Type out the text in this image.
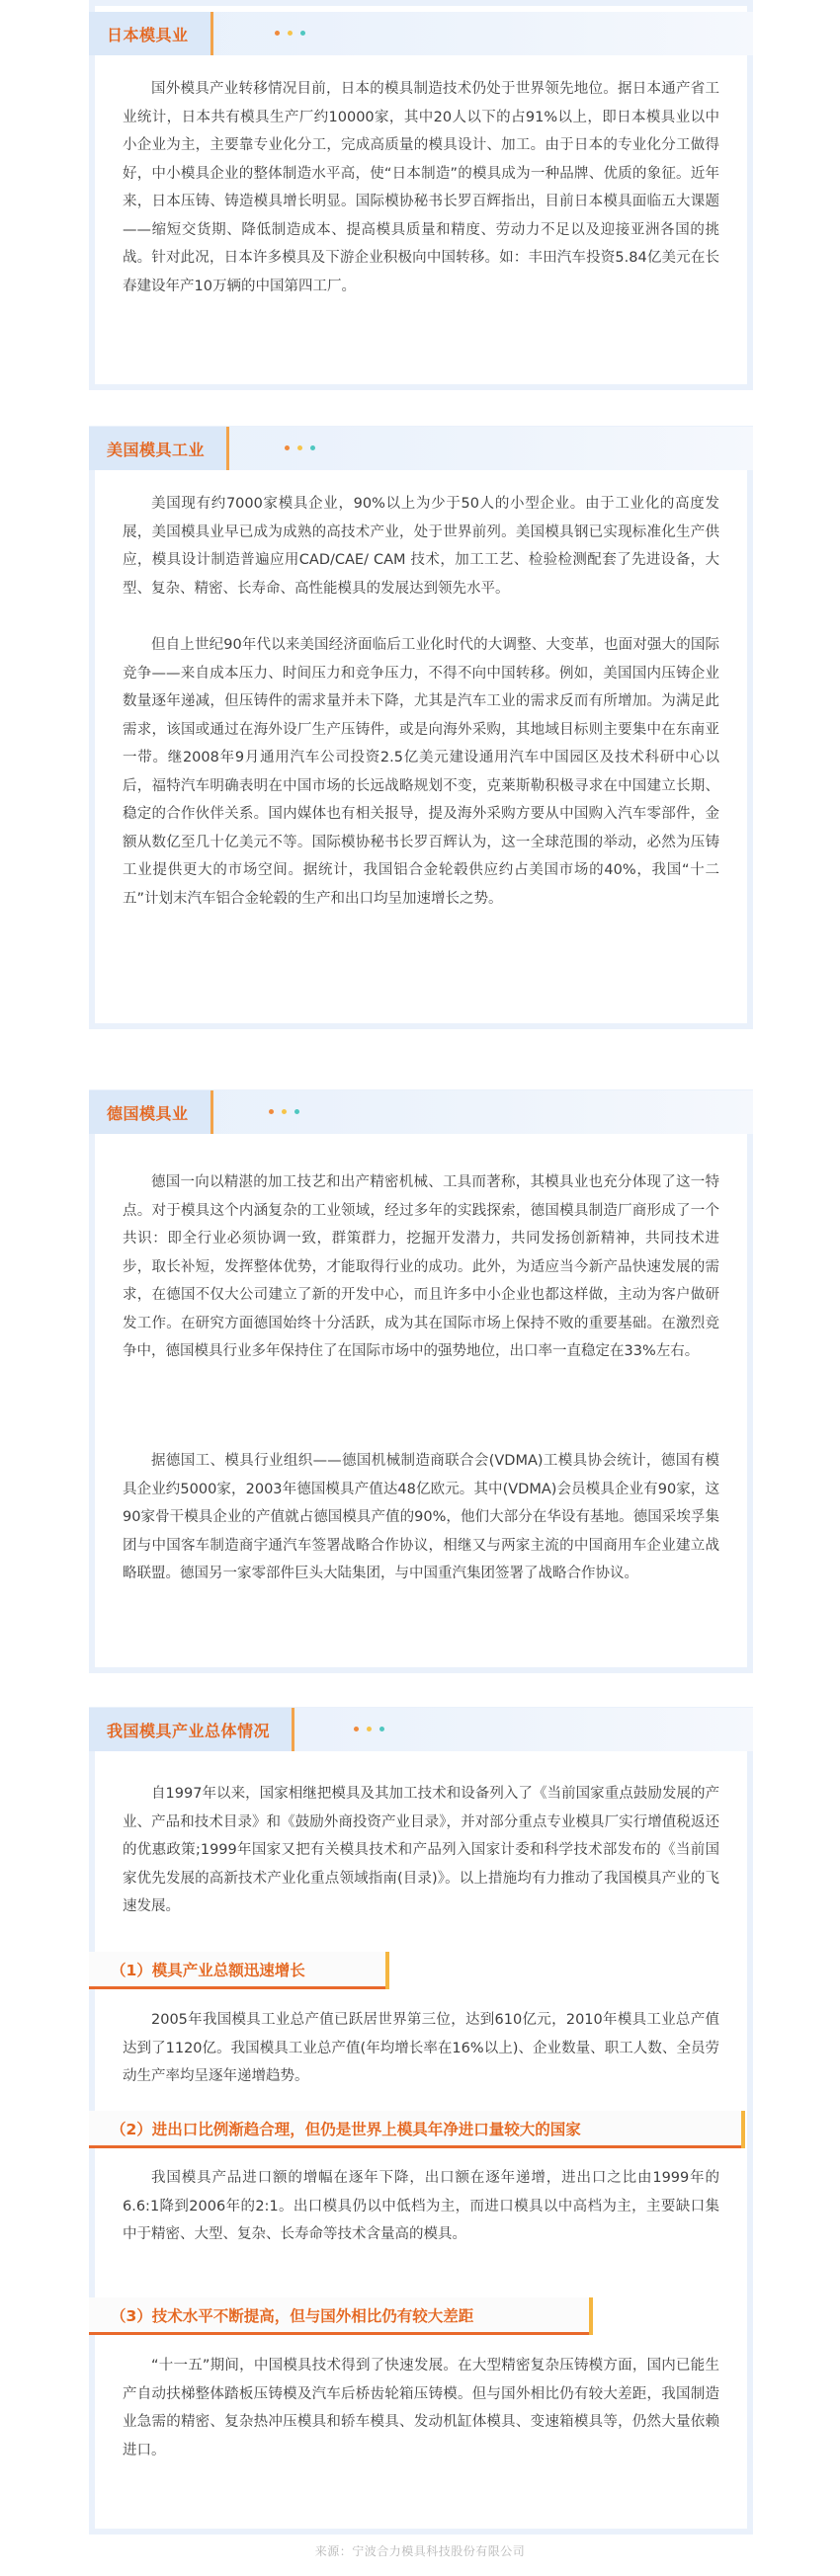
日本模具业

国外模具产业转移情况目前，日本的模具制造技术仍处于世界领先地位。据日本通产省工业统计，日本共有模具生产厂约10000家，其中20人以下的占91%以上，即日本模具业以中小企业为主，主要靠专业化分工，完成高质量的模具设计、加工。由于日本的专业化分工做得好，中小模具企业的整体制造水平高，使“日本制造”的模具成为一种品牌、优质的象征。近年来，日本压铸、铸造模具增长明显。国际模协秘书长罗百辉指出，目前日本模具面临五大课题——缩短交货期、降低制造成本、提高模具质量和精度、劳动力不足以及迎接亚洲各国的挑战。针对此况，日本许多模具及下游企业积极向中国转移。如：丰田汽车投资5.84亿美元在长春建设年产10万辆的中国第四工厂。

美国模具工业

美国现有约7000家模具企业，90%以上为少于50人的小型企业。由于工业化的高度发展，美国模具业早已成为成熟的高技术产业，处于世界前列。美国模具钢已实现标准化生产供应，模具设计制造普遍应用CAD/CAE/ CAM 技术，加工工艺、检验检测配套了先进设备，大型、复杂、精密、长寿命、高性能模具的发展达到领先水平。

但自上世纪90年代以来美国经济面临后工业化时代的大调整、大变革，也面对强大的国际竞争——来自成本压力、时间压力和竞争压力，不得不向中国转移。例如，美国国内压铸企业数量逐年递减，但压铸件的需求量并未下降，尤其是汽车工业的需求反而有所增加。为满足此需求，该国或通过在海外设厂生产压铸件，或是向海外采购，其地域目标则主要集中在东南亚一带。继2008年9月通用汽车公司投资2.5亿美元建设通用汽车中国园区及技术科研中心以后，福特汽车明确表明在中国市场的长远战略规划不变，克莱斯勒积极寻求在中国建立长期、稳定的合作伙伴关系。国内媒体也有相关报导，提及海外采购方要从中国购入汽车零部件，金额从数亿至几十亿美元不等。国际模协秘书长罗百辉认为，这一全球范围的举动，必然为压铸工业提供更大的市场空间。据统计，我国铝合金轮毂供应约占美国市场的40%，我国“十二五”计划末汽车铝合金轮毂的生产和出口均呈加速增长之势。

德国模具业

德国一向以精湛的加工技艺和出产精密机械、工具而著称，其模具业也充分体现了这一特点。对于模具这个内涵复杂的工业领域，经过多年的实践探索，德国模具制造厂商形成了一个共识：即全行业必须协调一致，群策群力，挖掘开发潜力，共同发扬创新精神，共同技术进步，取长补短，发挥整体优势，才能取得行业的成功。此外，为适应当今新产品快速发展的需求，在德国不仅大公司建立了新的开发中心，而且许多中小企业也都这样做，主动为客户做研发工作。在研究方面德国始终十分活跃，成为其在国际市场上保持不败的重要基础。在激烈竞争中，德国模具行业多年保持住了在国际市场中的强势地位，出口率一直稳定在33%左右。

据德国工、模具行业组织——德国机械制造商联合会(VDMA)工模具协会统计，德国有模具企业约5000家，2003年德国模具产值达48亿欧元。其中(VDMA)会员模具企业有90家，这90家骨干模具企业的产值就占德国模具产值的90%，他们大部分在华设有基地。德国采埃孚集团与中国客车制造商宇通汽车签署战略合作协议，相继又与两家主流的中国商用车企业建立战略联盟。德国另一家零部件巨头大陆集团，与中国重汽集团签署了战略合作协议。

我国模具产业总体情况

自1997年以来，国家相继把模具及其加工技术和设备列入了《当前国家重点鼓励发展的产业、产品和技术目录》和《鼓励外商投资产业目录》，并对部分重点专业模具厂实行增值税返还的优惠政策;1999年国家又把有关模具技术和产品列入国家计委和科学技术部发布的《当前国家优先发展的高新技术产业化重点领域指南(目录)》。以上措施均有力推动了我国模具产业的飞速发展。

（1）模具产业总额迅速增长

2005年我国模具工业总产值已跃居世界第三位，达到610亿元，2010年模具工业总产值达到了1120亿。我国模具工业总产值(年均增长率在16%以上)、企业数量、职工人数、全员劳动生产率均呈逐年递增趋势。

（2）进出口比例渐趋合理，但仍是世界上模具年净进口量较大的国家

我国模具产品进口额的增幅在逐年下降，出口额在逐年递增，进出口之比由1999年的6.6:1降到2006年的2:1。出口模具仍以中低档为主，而进口模具以中高档为主，主要缺口集中于精密、大型、复杂、长寿命等技术含量高的模具。

（3）技术水平不断提高，但与国外相比仍有较大差距

“十一五”期间，中国模具技术得到了快速发展。在大型精密复杂压铸模方面，国内已能生产自动扶梯整体踏板压铸模及汽车后桥齿轮箱压铸模。但与国外相比仍有较大差距，我国制造业急需的精密、复杂热冲压模具和轿车模具、发动机缸体模具、变速箱模具等，仍然大量依赖进口。

来源：宁波合力模具科技股份有限公司
